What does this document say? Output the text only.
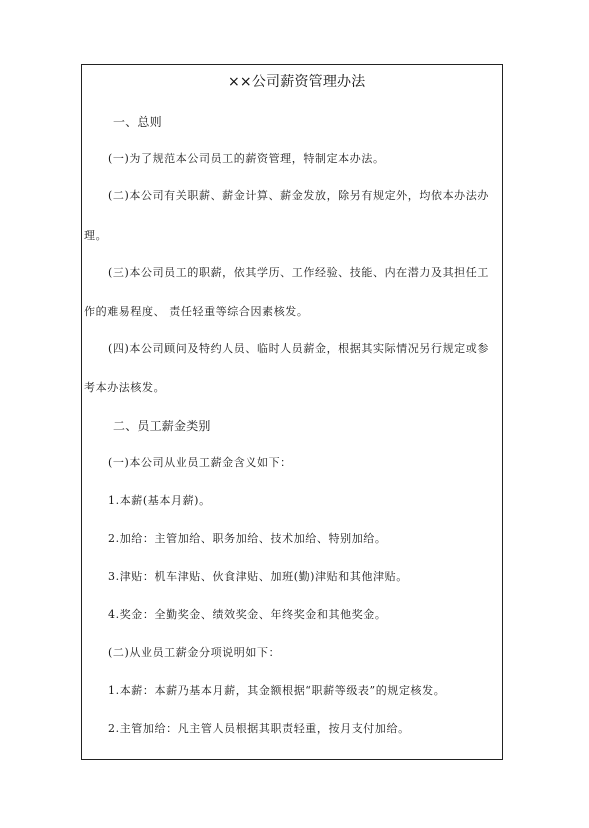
××公司薪资管理办法
一、总则
(一)为了规范本公司员工的薪资管理，特制定本办法。
(二)本公司有关职薪、薪金计算、薪金发放，除另有规定外，均依本办法办
理。
(三)本公司员工的职薪，依其学历、工作经验、技能、内在潜力及其担任工
作的难易程度、 责任轻重等综合因素核发。
(四)本公司顾问及特约人员、临时人员薪金，根据其实际情况另行规定或参
考本办法核发。
二、员工薪金类别
(一)本公司从业员工薪金含义如下：
1.本薪(基本月薪)。
2.加给：主管加给、职务加给、技术加给、特别加给。
3.津贴：机车津贴、伙食津贴、加班(勤)津贴和其他津贴。
4.奖金：全勤奖金、绩效奖金、年终奖金和其他奖金。
(二)从业员工薪金分项说明如下：
1.本薪：本薪乃基本月薪，其金额根据“职薪等级表”的规定核发。
2.主管加给：凡主管人员根据其职责轻重，按月支付加给。
